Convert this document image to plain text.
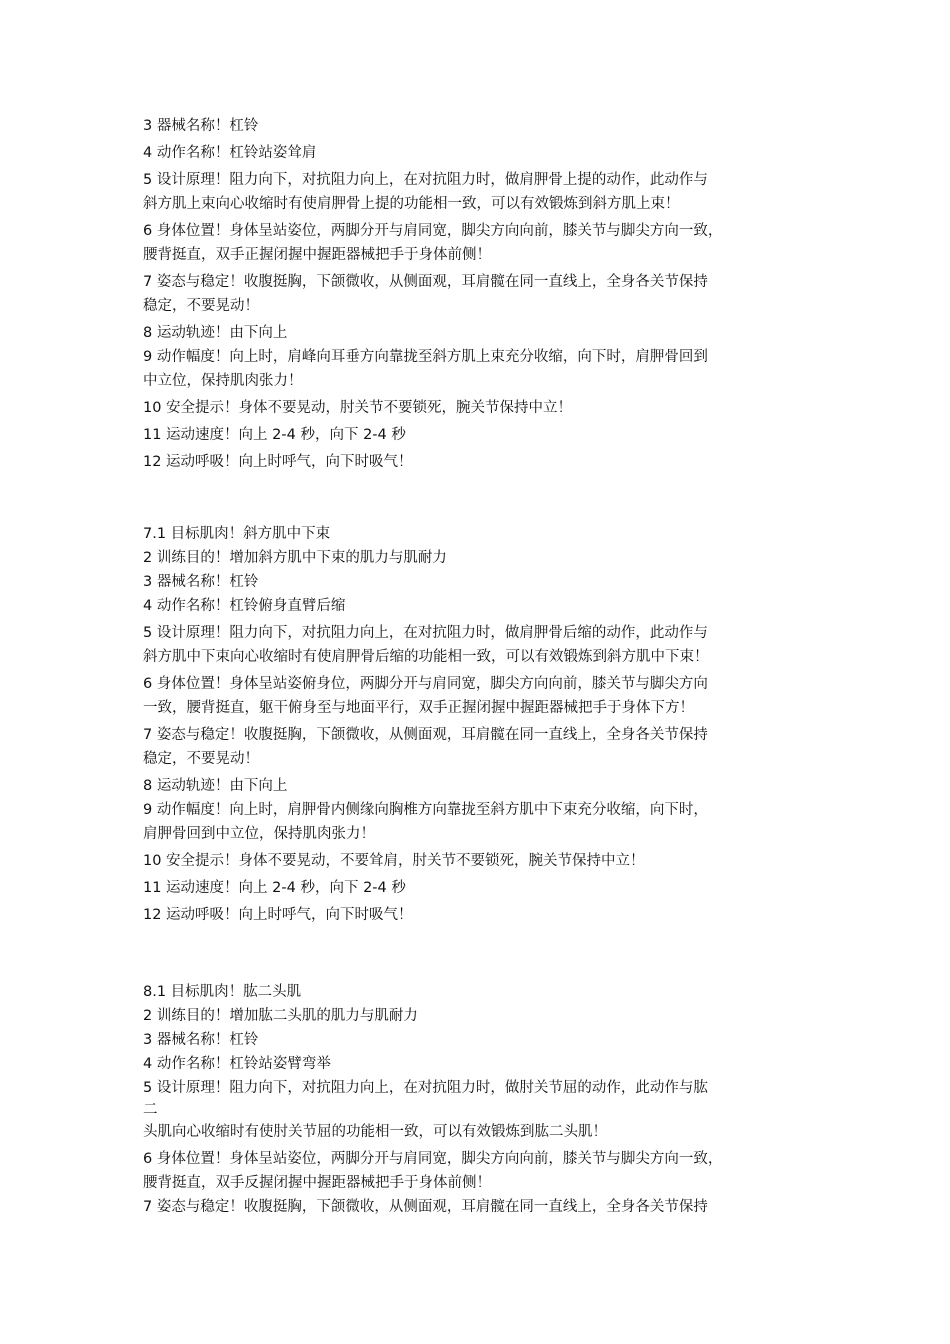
3 器械名称！杠铃
4 动作名称！杠铃站姿耸肩
5 设计原理！阻力向下，对抗阻力向上，在对抗阻力时，做肩胛骨上提的动作，此动作与
斜方肌上束向心收缩时有使肩胛骨上提的功能相一致，可以有效锻炼到斜方肌上束！
6 身体位置！身体呈站姿位，两脚分开与肩同宽，脚尖方向向前，膝关节与脚尖方向一致，
腰背挺直，双手正握闭握中握距器械把手于身体前侧！
7 姿态与稳定！收腹挺胸，下颌微收，从侧面观，耳肩髋在同一直线上，全身各关节保持
稳定，不要晃动！
8 运动轨迹！由下向上
9 动作幅度！向上时，肩峰向耳垂方向靠拢至斜方肌上束充分收缩，向下时，肩胛骨回到
中立位，保持肌肉张力！
10 安全提示！身体不要晃动，肘关节不要锁死，腕关节保持中立！
11 运动速度！向上 2-4 秒，向下 2-4 秒
12 运动呼吸！向上时呼气，向下时吸气！
7.1 目标肌肉！斜方肌中下束
2 训练目的！增加斜方肌中下束的肌力与肌耐力
3 器械名称！杠铃
4 动作名称！杠铃俯身直臂后缩
5 设计原理！阻力向下，对抗阻力向上，在对抗阻力时，做肩胛骨后缩的动作，此动作与
斜方肌中下束向心收缩时有使肩胛骨后缩的功能相一致，可以有效锻炼到斜方肌中下束！
6 身体位置！身体呈站姿俯身位，两脚分开与肩同宽，脚尖方向向前，膝关节与脚尖方向
一致，腰背挺直，躯干俯身至与地面平行，双手正握闭握中握距器械把手于身体下方！
7 姿态与稳定！收腹挺胸，下颌微收，从侧面观，耳肩髋在同一直线上，全身各关节保持
稳定，不要晃动！
8 运动轨迹！由下向上
9 动作幅度！向上时，肩胛骨内侧缘向胸椎方向靠拢至斜方肌中下束充分收缩，向下时，
肩胛骨回到中立位，保持肌肉张力！
10 安全提示！身体不要晃动，不要耸肩，肘关节不要锁死，腕关节保持中立！
11 运动速度！向上 2-4 秒，向下 2-4 秒
12 运动呼吸！向上时呼气，向下时吸气！
8.1 目标肌肉！肱二头肌
2 训练目的！增加肱二头肌的肌力与肌耐力
3 器械名称！杠铃
4 动作名称！杠铃站姿臂弯举
5 设计原理！阻力向下，对抗阻力向上，在对抗阻力时，做肘关节屈的动作，此动作与肱
二
头肌向心收缩时有使肘关节屈的功能相一致，可以有效锻炼到肱二头肌！
6 身体位置！身体呈站姿位，两脚分开与肩同宽，脚尖方向向前，膝关节与脚尖方向一致，
腰背挺直，双手反握闭握中握距器械把手于身体前侧！
7 姿态与稳定！收腹挺胸，下颌微收，从侧面观，耳肩髋在同一直线上，全身各关节保持
